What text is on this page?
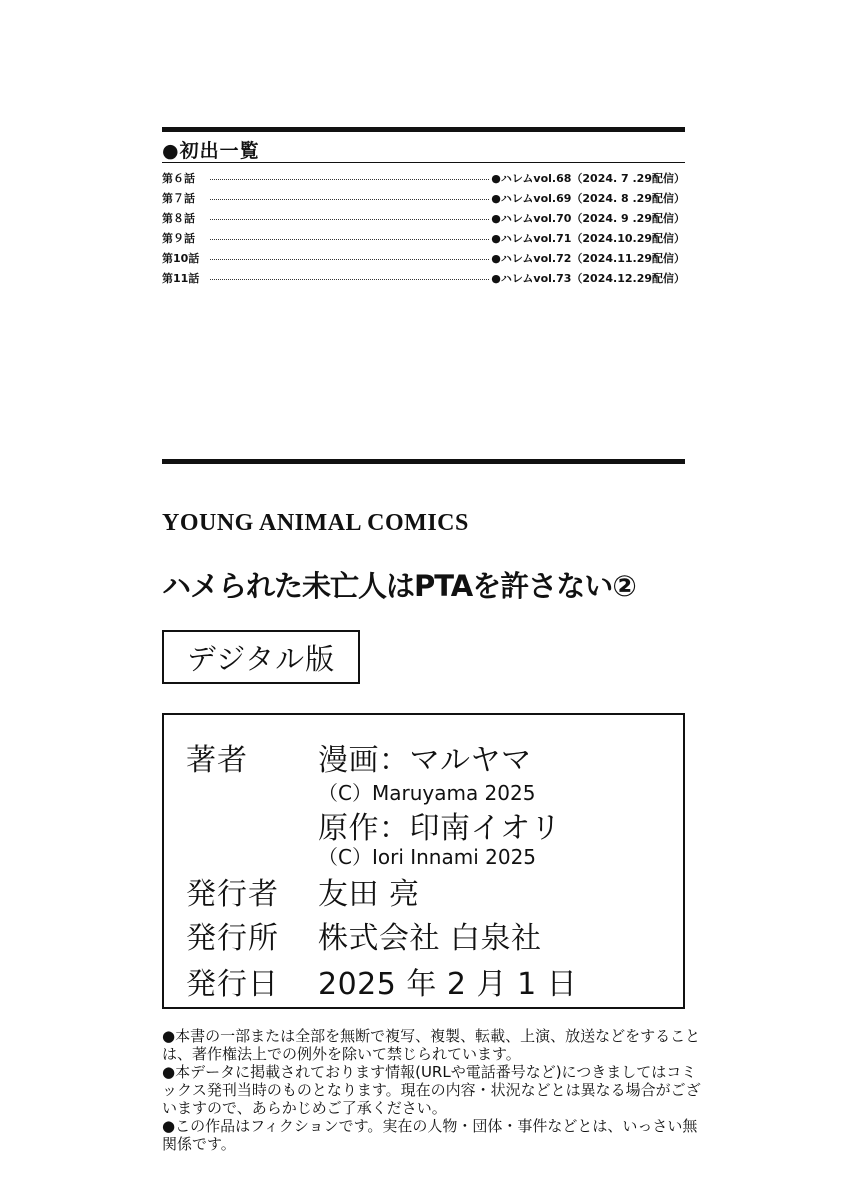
●初出一覧
第６話	●ハレムvol.68（2024. 7 .29配信）
第７話	●ハレムvol.69（2024. 8 .29配信）
第８話	●ハレムvol.70（2024. 9 .29配信）
第９話	●ハレムvol.71（2024.10.29配信）
第10話	●ハレムvol.72（2024.11.29配信）
第11話	●ハレムvol.73（2024.12.29配信）
YOUNG ANIMAL COMICS
ハメられた未亡人はPTAを許さない②
デジタル版
著者 漫画：マルヤマ
（C）Maruyama 2025
原作：印南イオリ
（C）Iori Innami 2025
発行者 友田 亮
発行所 株式会社 白泉社
発行日 2025 年 2 月 1 日

●本書の一部または全部を無断で複写、複製、転載、上演、放送などをすることは、著作権法上での例外を除いて禁じられています。

●本データに掲載されております情報(URLや電話番号など)につきましてはコミックス発刊当時のものとなります。現在の内容・状況などとは異なる場合がございますので、あらかじめご了承ください。

●この作品はフィクションです。実在の人物・団体・事件などとは、いっさい無関係です。
